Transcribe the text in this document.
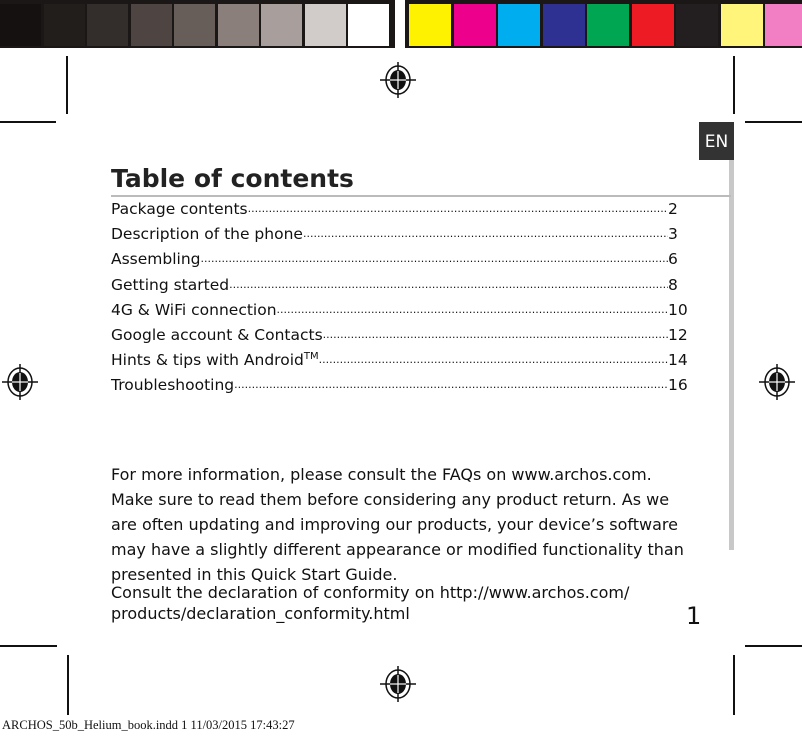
EN
Table of contents
Package contents .....	2
Description of the phone .....	3
Assembling .....	6
Getting started .....	8
4G & WiFi connection .....	10
Google account & Contacts .....	12
Hints & tips with Android TM .....	14
Troubleshooting .....	16
For more information, please consult the FAQs on www.archos.com. Make sure to read them before considering any product return. As we are often updating and improving our products, your device’s software may have a slightly different appearance or modified functionality than presented in this Quick Start Guide.
Consult the declaration of conformity on http://www.archos.com/ products/declaration_conformity.html	1
ARCHOS_50b_Helium_book.indd 1 11/03/2015 17:43:27
